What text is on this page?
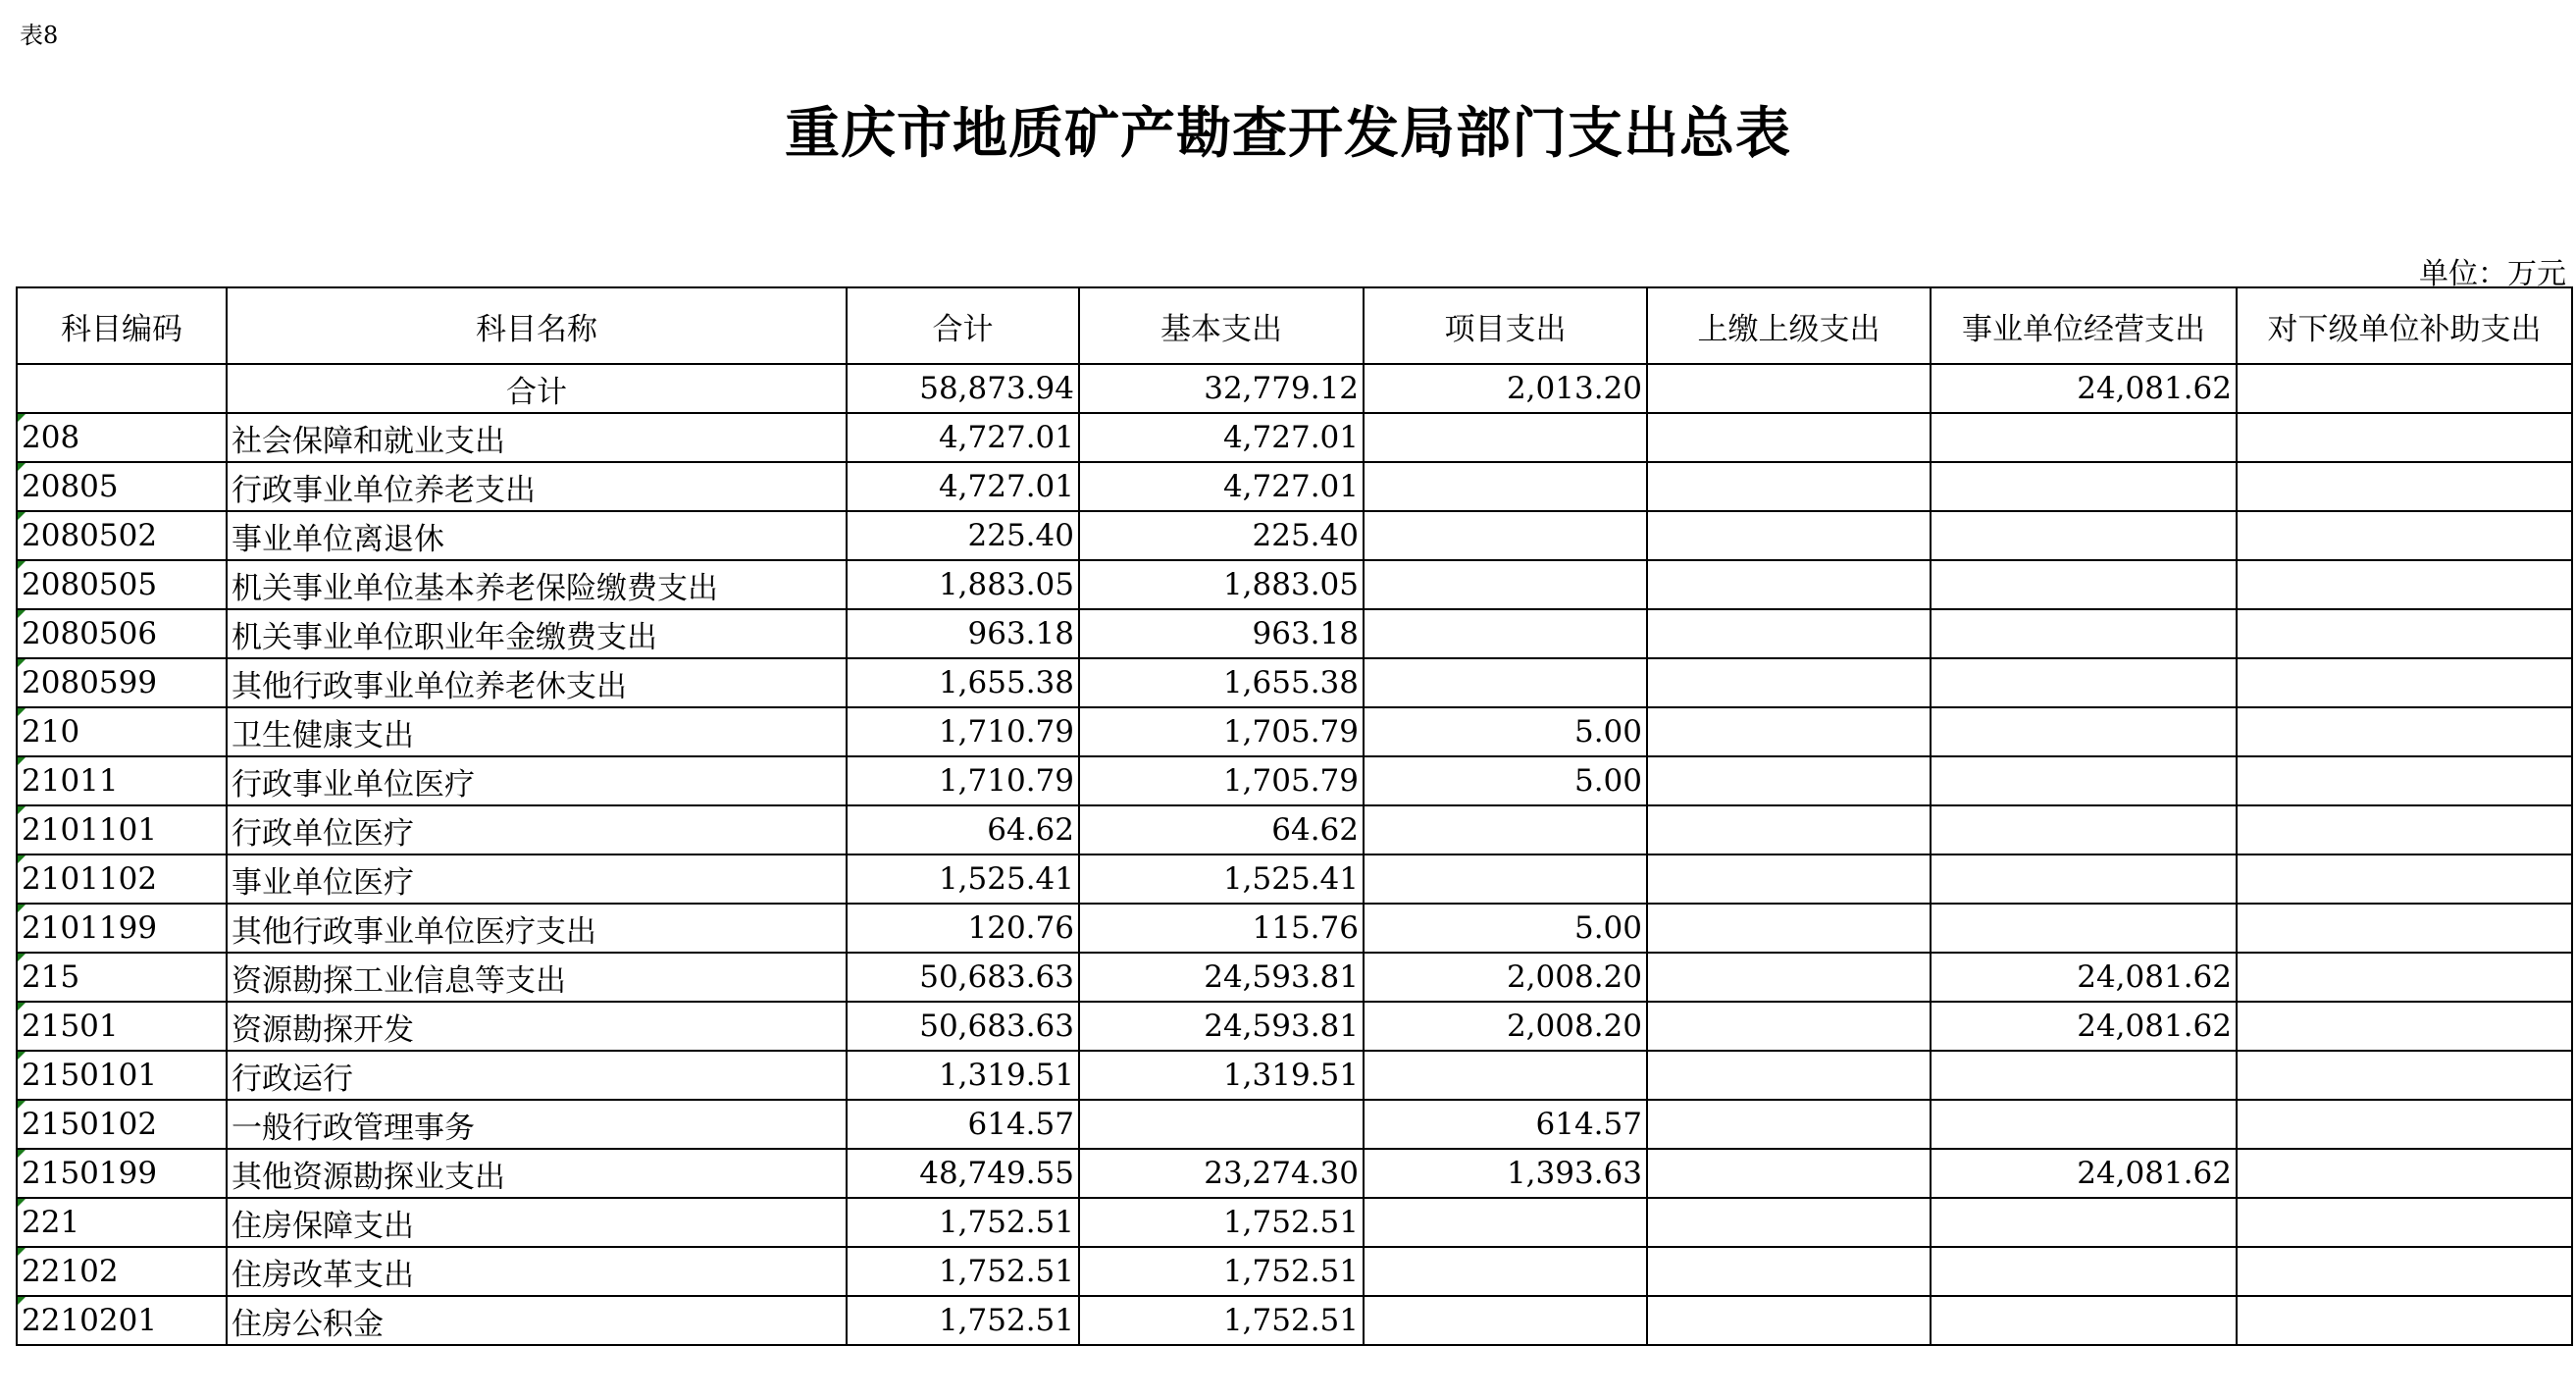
表8
重庆市地质矿产勘查开发局部门支出总表
单位：万元
科目编码	科目名称	合计	基本支出	项目支出	上缴上级支出	事业单位经营支出	对下级单位补助支出
	合计	58,873.94	32,779.12	2,013.20		24,081.62	
208	社会保障和就业支出	4,727.01	4,727.01				
20805	行政事业单位养老支出	4,727.01	4,727.01				
2080502	事业单位离退休	225.40	225.40				
2080505	机关事业单位基本养老保险缴费支出	1,883.05	1,883.05				
2080506	机关事业单位职业年金缴费支出	963.18	963.18				
2080599	其他行政事业单位养老休支出	1,655.38	1,655.38				
210	卫生健康支出	1,710.79	1,705.79	5.00			
21011	行政事业单位医疗	1,710.79	1,705.79	5.00			
2101101	行政单位医疗	64.62	64.62				
2101102	事业单位医疗	1,525.41	1,525.41				
2101199	其他行政事业单位医疗支出	120.76	115.76	5.00			
215	资源勘探工业信息等支出	50,683.63	24,593.81	2,008.20		24,081.62	
21501	资源勘探开发	50,683.63	24,593.81	2,008.20		24,081.62	
2150101	行政运行	1,319.51	1,319.51				
2150102	一般行政管理事务	614.57		614.57			
2150199	其他资源勘探业支出	48,749.55	23,274.30	1,393.63		24,081.62	
221	住房保障支出	1,752.51	1,752.51				
22102	住房改革支出	1,752.51	1,752.51				
2210201	住房公积金	1,752.51	1,752.51				
